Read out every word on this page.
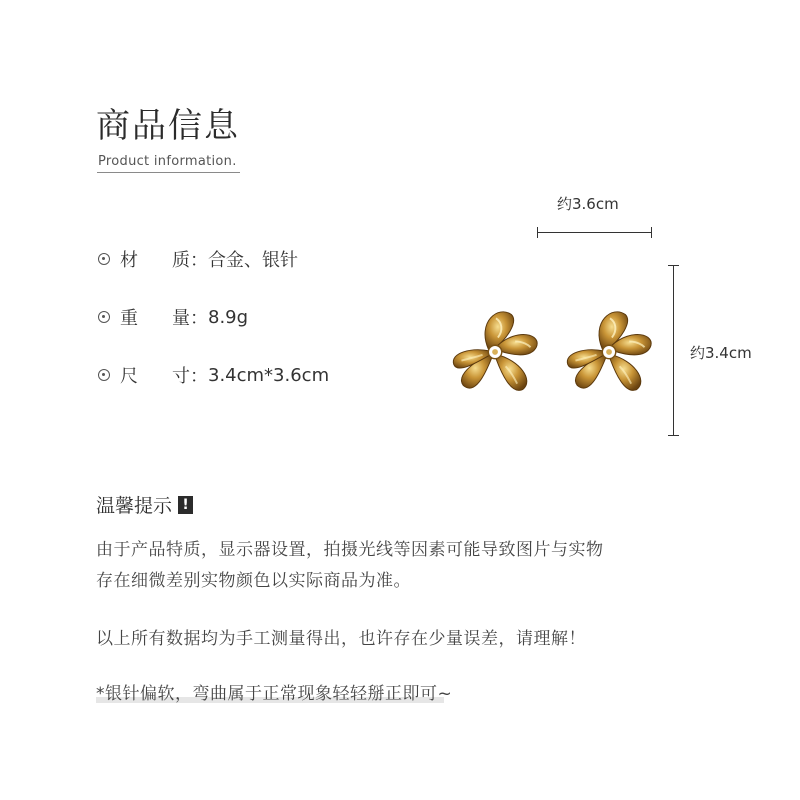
商品信息
Product information.
材	质： 合金、银针
重	量： 8.9g
尺	寸： 3.4cm*3.6cm
约3.6cm
约3.4cm
温馨提示 !
由于产品特质，显示器设置，拍摄光线等因素可能导致图片与实物
存在细微差别实物颜色以实际商品为准。
以上所有数据均为手工测量得出，也许存在少量误差，请理解！
*银针偏软，弯曲属于正常现象轻轻掰正即可~
